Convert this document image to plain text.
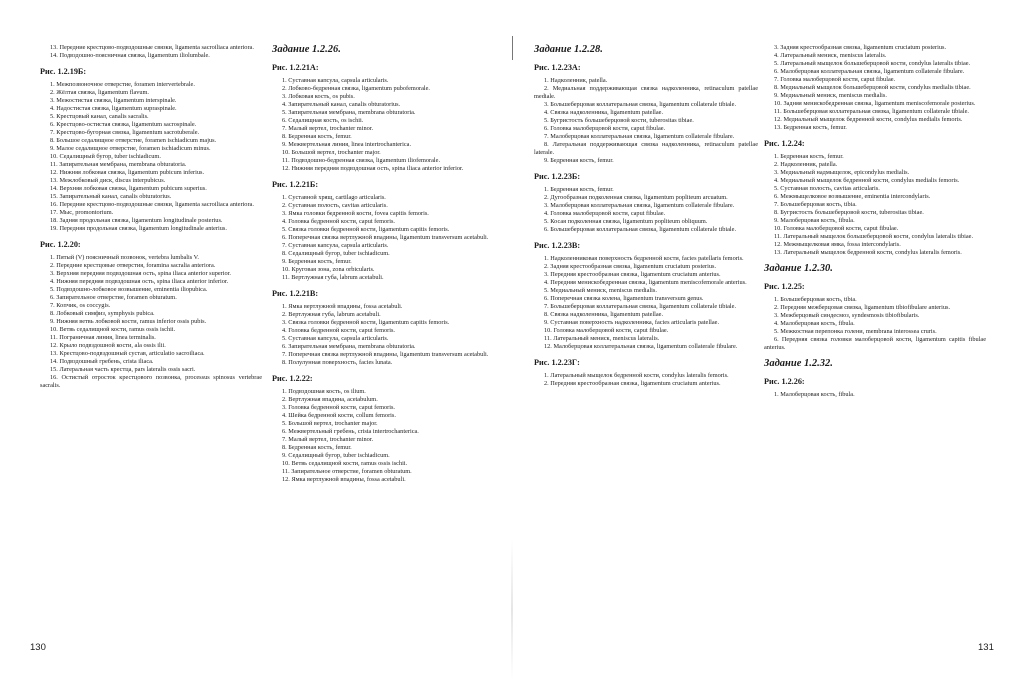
13. Передние крестцово-подвздошные связки, ligamenta sacroiliaca anteriora.

14. Подвздошно-поясничная связка, ligamentum iliolumbale.

Рис. 1.2.19Б:

1. Межпозвоночное отверстие, foramen intervertebrale.

2. Жёлтая связка, ligamentum flavum.

3. Межостистая связка, ligamentum interspinale.

4. Надостистая связка, ligamentum supraspinale.

5. Крестцовый канал, canalis sacralis.

6. Крестцово-остистая связка, ligamentum sacrospinale.

7. Крестцово-бугорная связка, ligamentum sacrotuberale.

8. Большое седалищное отверстие, foramen ischiadicum majus.

9. Малое седалищное отверстие, foramen ischiadicum minus.

10. Седалищный бугор, tuber ischiadicum.

11. Запирательная мембрана, membrana obturatoria.

12. Нижняя лобковая связка, ligamentum pubicum inferius.

13. Межлобковый диск, discus interpubicus.

14. Верхняя лобковая связка, ligamentum pubicum superius.

15. Запирательный канал, canalis obturatorius.

16. Передние крестцово-подвздошные связки, ligamenta sacroiliaca anteriora.

17. Мыс, promontorium.

18. Задняя продольная связка, ligamentum longitudinale posterius.

19. Передняя продольная связка, ligamentum longitudinale anterius.

Рис. 1.2.20:

1. Пятый (V) поясничный позвонок, vertebra lumbalis V.

2. Передние крестцовые отверстия, foramina sacralia anteriora.

3. Верхняя передняя подвздошная ость, spina iliaca anterior superior.

4. Нижняя передняя подвздошная ость, spina iliaca anterior inferior.

5. Подвздошно-лобковое возвышение, eminentia iliopubica.

6. Запирательное отверстие, foramen obturatum.

7. Копчик, os coccygis.

8. Лобковый симфиз, symphysis pubica.

9. Нижняя ветвь лобковой кости, ramus inferior ossis pubis.

10. Ветвь седалищной кости, ramus ossis ischii.

11. Пограничная линия, linea terminalis.

12. Крыло подвздошной кости, ala ossis ilii.

13. Крестцово-подвздошный сустав, articulatio sacroiliaca.

14. Подвздошный гребень, crista iliaca.

15. Латеральная часть крестца, pars lateralis ossis sacri.

16. Остистый отросток крестцового позвонка, processus spinosus vertebrae sacralis.

Задание 1.2.26.
Рис. 1.2.21А:

1. Суставная капсула, capsula articularis.

2. Лобково-бедренная связка, ligamentum pubofemorale.

3. Лобковая кость, os pubis.

4. Запирательный канал, canalis obturatorius.

5. Запирательная мембрана, membrana obturatoria.

6. Седалищная кость, os ischii.

7. Малый вертел, trochanter minor.

8. Бедренная кость, femur.

9. Межвертельная линия, linea intertrochanterica.

10. Большой вертел, trochanter major.

11. Подвздошно-бедренная связка, ligamentum iliofemorale.

12. Нижняя передняя подвздошная ость, spina iliaca anterior inferior.

Рис. 1.2.21Б:

1. Суставной хрящ, cartilago articularis.

2. Суставная полость, cavitas articularis.

3. Ямка головки бедренной кости, fovea capitis femoris.

4. Головка бедренной кости, caput femoris.

5. Связка головки бедренной кости, ligamentum capitis femoris.

6. Поперечная связка вертлужной впадины, ligamentum transversum acetabuli.

7. Суставная капсула, capsula articularis.

8. Седалищный бугор, tuber ischiadicum.

9. Бедренная кость, femur.

10. Круговая зона, zona orbicularis.

11. Вертлужная губа, labrum acetabuli.

Рис. 1.2.21В:

1. Ямка вертлужной впадины, fossa acetabuli.

2. Вертлужная губа, labrum acetabuli.

3. Связка головки бедренной кости, ligamentum capitis femoris.

4. Головка бедренной кости, caput femoris.

5. Суставная капсула, capsula articularis.

6. Запирательная мембрана, membrana obturatoria.

7. Поперечная связка вертлужной впадины, ligamentum transversum acetabuli.

8. Полулунная поверхность, facies lunata.

Рис. 1.2.22:

1. Подвздошная кость, os ilium.

2. Вертлужная впадина, acetabulum.

3. Головка бедренной кости, caput femoris.

4. Шейка бедренной кости, collum femoris.

5. Большой вертел, trochanter major.

6. Межвертельный гребень, crista intertrochanterica.

7. Малый вертел, trochanter minor.

8. Бедренная кость, femur.

9. Седалищный бугор, tuber ischiadicum.

10. Ветвь седалищной кости, ramus ossis ischii.

11. Запирательное отверстие, foramen obturatum.

12. Ямка вертлужной впадины, fossa acetabuli.

Задание 1.2.28.
Рис. 1.2.23А:

1. Надколенник, patella.

2. Медиальная поддерживающая связка надколенника, retinaculum patellae mediale.

3. Большеберцовая коллатеральная связка, ligamentum collaterale tibiale.

4. Связка надколенника, ligamentum patellae.

5. Бугристость большеберцовой кости, tuberositas tibiae.

6. Головка малоберцовой кости, caput fibulae.

7. Малоберцовая коллатеральная связка, ligamentum collaterale fibulare.

8. Латеральная поддерживающая связка надколенника, retinaculum patellae laterale.

9. Бедренная кость, femur.

Рис. 1.2.23Б:

1. Бедренная кость, femur.

2. Дугообразная подколенная связка, ligamentum popliteum arcuatum.

3. Малоберцовая коллатеральная связка, ligamentum collaterale fibulare.

4. Головка малоберцовой кости, caput fibulae.

5. Косая подколенная связка, ligamentum popliteum obliquum.

6. Большеберцовая коллатеральная связка, ligamentum collaterale tibiale.

Рис. 1.2.23В:

1. Надколенниковая поверхность бедренной кости, facies patellaris femoris.

2. Задняя крестообразная связка, ligamentum cruciatum posterius.

3. Передняя крестообразная связка, ligamentum cruciatum anterius.

4. Передняя менискобедренная связка, ligamentum meniscofemorale anterius.

5. Медиальный мениск, meniscus medialis.

6. Поперечная связка колена, ligamentum transversum genus.

7. Большеберцовая коллатеральная связка, ligamentum collaterale tibiale.

8. Связка надколенника, ligamentum patellae.

9. Суставная поверхность надколенника, facies articularis patellae.

10. Головка малоберцовой кости, caput fibulae.

11. Латеральный мениск, meniscus lateralis.

12. Малоберцовая коллатеральная связка, ligamentum collaterale fibulare.

Рис. 1.2.23Г:

1. Латеральный мыщелок бедренной кости, condylus lateralis femoris.

2. Передняя крестообразная связка, ligamentum cruciatum anterius.

3. Задняя крестообразная связка, ligamentum cruciatum posterius.

4. Латеральный мениск, meniscus lateralis.

5. Латеральный мыщелок большеберцовой кости, condylus lateralis tibiae.

6. Малоберцовая коллатеральная связка, ligamentum collaterale fibulare.

7. Головка малоберцовой кости, caput fibulae.

8. Медиальный мыщелок большеберцовой кости, condylus medialis tibiae.

9. Медиальный мениск, meniscus medialis.

10. Задняя менискобедренная связка, ligamentum meniscofemorale posterius.

11. Большеберцовая коллатеральная связка, ligamentum collaterale tibiale.

12. Медиальный мыщелок бедренной кости, condylus medialis femoris.

13. Бедренная кость, femur.

Рис. 1.2.24:

1. Бедренная кость, femur.

2. Надколенник, patella.

3. Медиальный надмыщелок, epicondylus medialis.

4. Медиальный мыщелок бедренной кости, condylus medialis femoris.

5. Суставная полость, cavitas articularis.

6. Межмыщелковое возвышение, eminentia intercondylaris.

7. Большеберцовая кость, tibia.

8. Бугристость большеберцовой кости, tuberositas tibiae.

9. Малоберцовая кость, fibula.

10. Головка малоберцовой кости, caput fibulae.

11. Латеральный мыщелок большеберцовой кости, condylus lateralis tibiae.

12. Межмыщелковая ямка, fossa intercondylaris.

13. Латеральный мыщелок бедренной кости, condylus lateralis femoris.

Задание 1.2.30.
Рис. 1.2.25:

1. Большеберцовая кость, tibia.

2. Передняя межберцовая связка, ligamentum tibiofibulare anterius.

3. Межберцовый синдесмоз, syndesmosis tibiofibularis.

4. Малоберцовая кость, fibula.

5. Межкостная перепонка голени, membrana interossea cruris.

6. Передняя связка головки малоберцовой кости, ligamentum capitis fibulae anterius.

Задание 1.2.32.
Рис. 1.2.26:

1. Малоберцовая кость, fibula.

130	131
